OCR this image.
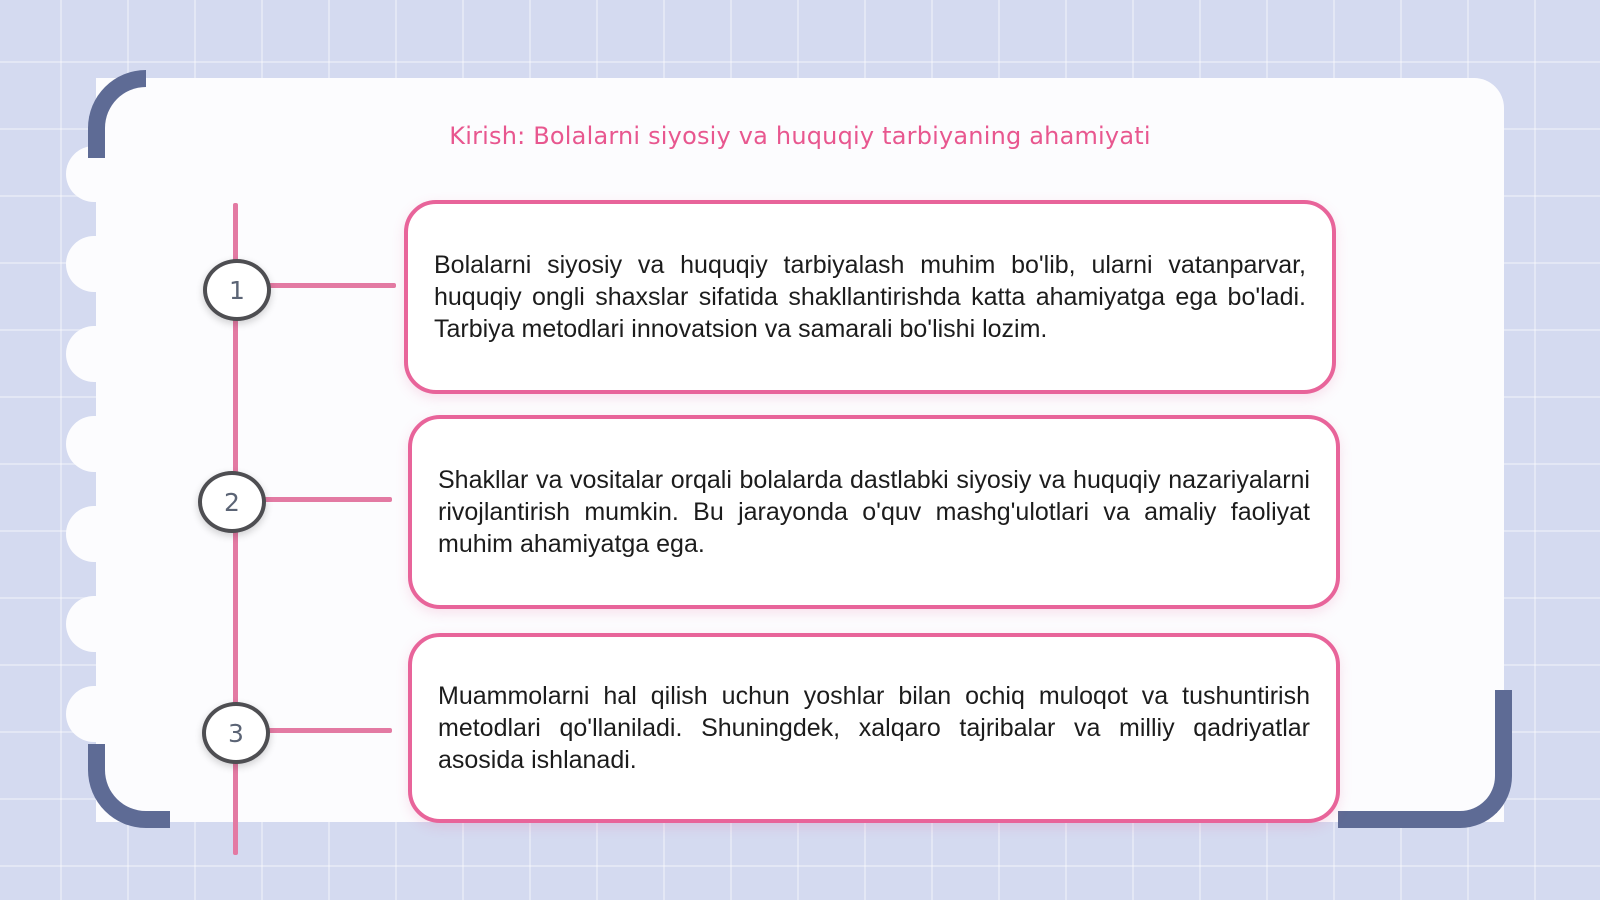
Kirish: Bolalarni siyosiy va huquqiy tarbiyaning ahamiyati
1

Bolalarni siyosiy va huquqiy tarbiyalash muhim bo'lib, ularni vatanparvar, huquqiy ongli shaxslar sifatida shakllantirishda katta ahamiyatga ega bo'ladi. Tarbiya metodlari innovatsion va samarali bo'lishi lozim.

2

Shakllar va vositalar orqali bolalarda dastlabki siyosiy va huquqiy nazariyalarni rivojlantirish mumkin. Bu jarayonda o'quv mashg'ulotlari va amaliy faoliyat muhim ahamiyatga ega.

3

Muammolarni hal qilish uchun yoshlar bilan ochiq muloqot va tushuntirish metodlari qo'llaniladi. Shuningdek, xalqaro tajribalar va milliy qadriyatlar asosida ishlanadi.
